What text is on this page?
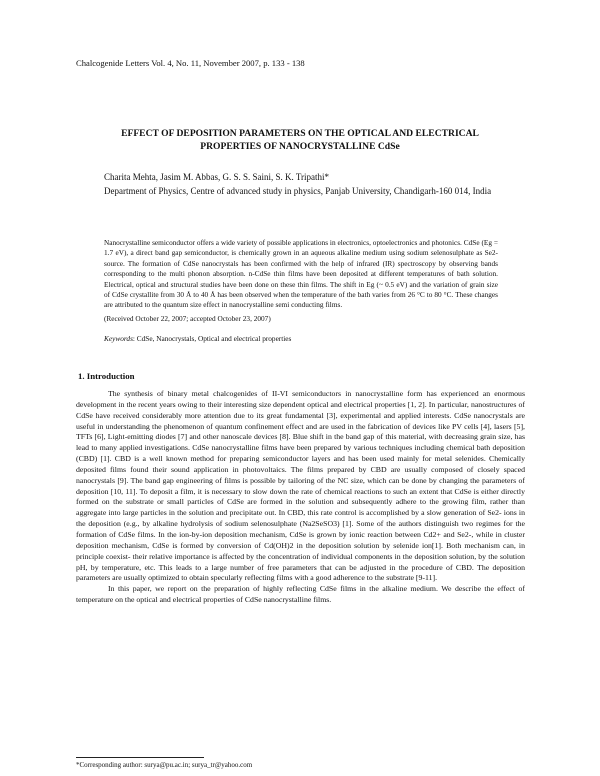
Chalcogenide Letters Vol. 4, No. 11, November 2007, p. 133 - 138
EFFECT OF DEPOSITION PARAMETERS ON THE OPTICAL AND ELECTRICAL
PROPERTIES OF NANOCRYSTALLINE CdSe
Charita Mehta, Jasim M. Abbas, G. S. S. Saini, S. K. Tripathi*
Department of Physics, Centre of advanced study in physics, Panjab University, Chandigarh-160 014, India
Nanocrystalline semiconductor offers a wide variety of possible applications in electronics, optoelectronics and photonics. CdSe (Eg = 1.7 eV), a direct band gap semiconductor, is chemically grown in an aqueous alkaline medium using sodium selenosulphate as Se2- source. The formation of CdSe nanocrystals has been confirmed with the help of infrared (IR) spectroscopy by observing bands corresponding to the multi phonon absorption. n-CdSe thin films have been deposited at different temperatures of bath solution. Electrical, optical and structural studies have been done on these thin films. The shift in Eg (~ 0.5 eV) and the variation of grain size of CdSe crystallite from 30 Å to 40 Å has been observed when the temperature of the bath varies from 26 °C to 80 °C. These changes are attributed to the quantum size effect in nanocrystalline semi conducting films.
(Received October 22, 2007; accepted October 23, 2007)
Keywords: CdSe, Nanocrystals, Optical and electrical properties
1. Introduction

The synthesis of binary metal chalcogenides of II-VI semiconductors in nanocrystalline form has experienced an enormous development in the recent years owing to their interesting size dependent optical and electrical properties [1, 2]. In particular, nanostructures of CdSe have received considerably more attention due to its great fundamental [3], experimental and applied interests. CdSe nanocrystals are useful in understanding the phenomenon of quantum confinement effect and are used in the fabrication of devices like PV cells [4], lasers [5], TFTs [6], Light-emitting diodes [7] and other nanoscale devices [8]. Blue shift in the band gap of this material, with decreasing grain size, has lead to many applied investigations. CdSe nanocrystalline films have been prepared by various techniques including chemical bath deposition (CBD) [1]. CBD is a well known method for preparing semiconductor layers and has been used mainly for metal selenides. Chemically deposited films found their sound application in photovoltaics. The films prepared by CBD are usually composed of closely spaced nanocrystals [9]. The band gap engineering of films is possible by tailoring of the NC size, which can be done by changing the parameters of deposition [10, 11]. To deposit a film, it is necessary to slow down the rate of chemical reactions to such an extent that CdSe is either directly formed on the substrate or small particles of CdSe are formed in the solution and subsequently adhere to the growing film, rather than aggregate into large particles in the solution and precipitate out. In CBD, this rate control is accomplished by a slow generation of Se2- ions in the deposition (e.g., by alkaline hydrolysis of sodium selenosulphate (Na2SeSO3) [1]. Some of the authors distinguish two regimes for the formation of CdSe films. In the ion-by-ion deposition mechanism, CdSe is grown by ionic reaction between Cd2+ and Se2-, while in cluster deposition mechanism, CdSe is formed by conversion of Cd(OH)2 in the deposition solution by selenide ion[1]. Both mechanism can, in principle coexist- their relative importance is affected by the concentration of individual components in the deposition solution, by the solution pH, by temperature, etc. This leads to a large number of free parameters that can be adjusted in the procedure of CBD. The deposition parameters are usually optimized to obtain specularly reflecting films with a good adherence to the substrate [9-11].

In this paper, we report on the preparation of highly reflecting CdSe films in the alkaline medium. We describe the effect of temperature on the optical and electrical properties of CdSe nanocrystalline films.

*Corresponding author: surya@pu.ac.in; surya_tr@yahoo.com
